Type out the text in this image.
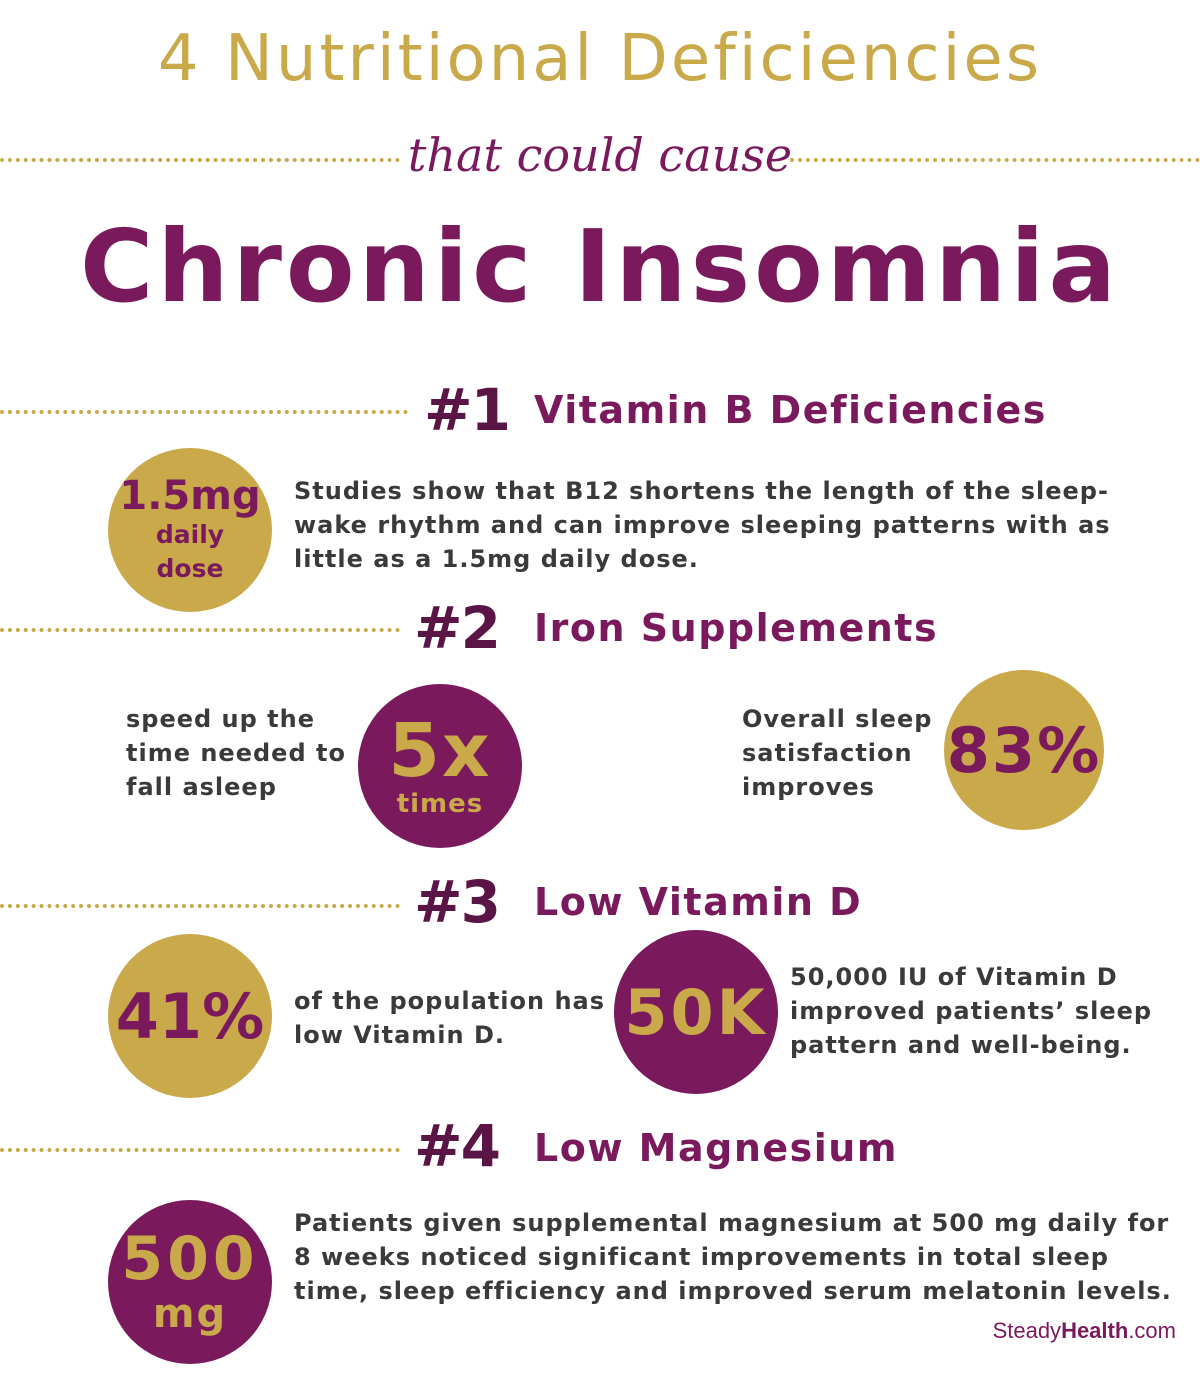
4 Nutritional Deficiencies
that could cause
Chronic Insomnia
#1 Vitamin B Deficiencies
1.5mg
daily
dose
Studies show that B12 shortens the length of the sleep-wake rhythm and can improve sleeping patterns with as little as a 1.5mg daily dose.
#2 Iron Supplements
speed up the time needed to fall asleep	5x
times
Overall sleep satisfaction improves
83%
#3 Low Vitamin D
41% of the population has low Vitamin D.	50K 50,000 IU of Vitamin D improved patients’ sleep pattern and well-being.
#4 Low Magnesium
500
mg
Patients given supplemental magnesium at 500 mg daily for 8 weeks noticed significant improvements in total sleep time, sleep efficiency and improved serum melatonin levels.
SteadyHealth.com
